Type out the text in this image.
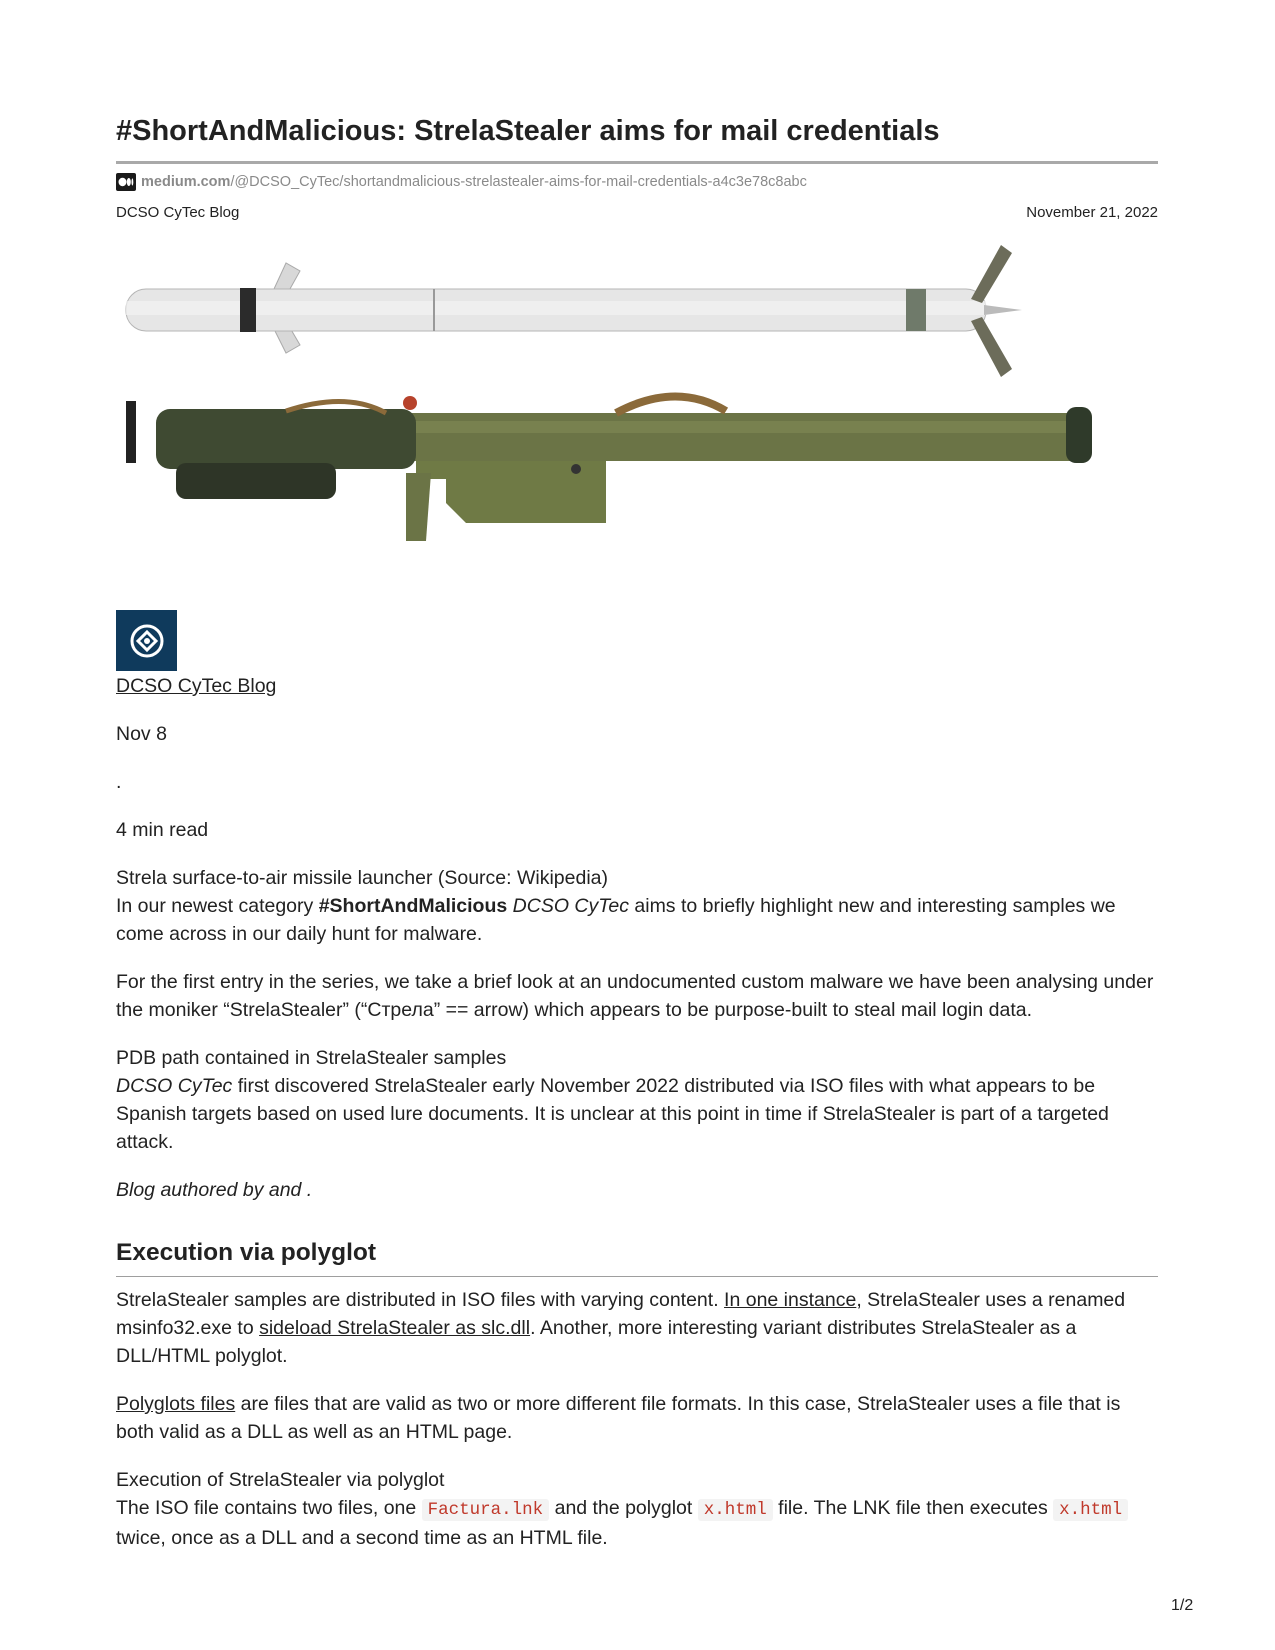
#ShortAndMalicious: StrelaStealer aims for mail credentials
medium.com /@DCSO_CyTec/shortandmalicious-strelastealer-aims-for-mail-credentials-a4c3e78c8abc
DCSO CyTec Blog	November 21, 2022

DCSO CyTec Blog

Nov 8

.

4 min read

Strela surface-to-air missile launcher (Source: Wikipedia)

In our newest category #ShortAndMalicious DCSO CyTec aims to briefly highlight new and interesting samples we come across in our daily hunt for malware.

For the first entry in the series, we take a brief look at an undocumented custom malware we have been analysing under the moniker “StrelaStealer” (“Стрела” == arrow) which appears to be purpose-built to steal mail login data.

PDB path contained in StrelaStealer samples

DCSO CyTec first discovered StrelaStealer early November 2022 distributed via ISO files with what appears to be Spanish targets based on used lure documents. It is unclear at this point in time if StrelaStealer is part of a targeted attack.

Blog authored by and .

Execution via polyglot

StrelaStealer samples are distributed in ISO files with varying content. In one instance, StrelaStealer uses a renamed msinfo32.exe to sideload StrelaStealer as slc.dll. Another, more interesting variant distributes StrelaStealer as a DLL/HTML polyglot.

Polyglots files are files that are valid as two or more different file formats. In this case, StrelaStealer uses a file that is both valid as a DLL as well as an HTML page.

Execution of StrelaStealer via polyglot

The ISO file contains two files, one Factura.lnk and the polyglot x.html file. The LNK file then executes x.html twice, once as a DLL and a second time as an HTML file.

1/2
